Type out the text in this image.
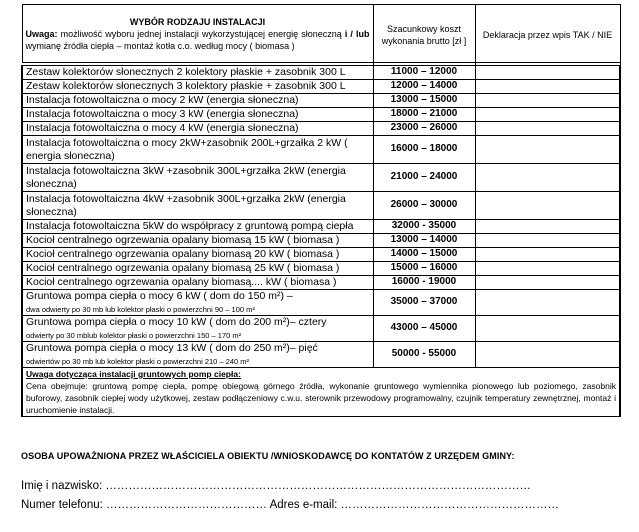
WYBÓR RODZAJU INSTALACJI
Uwaga: możliwość wyboru jednej instalacji wykorzystującej energię słoneczną i / lub wymianę źródła ciepła – montaż kotła c.o. według mocy ( biomasa )	Szacunkowy koszt wykonania brutto [zł ]	Deklaracja przez wpis TAK / NIE

Zestaw kolektorów słonecznych 2 kolektory płaskie + zasobnik 300 L	11000 – 12000	
Zestaw kolektorów słonecznych 3 kolektory płaskie + zasobnik 300 L	12000 – 14000	
Instalacja fotowoltaiczna o mocy 2 kW (energia słoneczna)	13000 – 15000	
Instalacja fotowoltaiczna o mocy 3 kW (energia słoneczna)	18000 – 21000	
Instalacja fotowoltaiczna o mocy 4 kW (energia słoneczna)	23000 – 26000	
Instalacja fotowoltaiczna o mocy 2kW+zasobnik 200L+grzałka 2 kW ( energia słoneczna)	16000 – 18000	
Instalacja fotowoltaiczna 3kW +zasobnik 300L+grzałka 2kW (energia słoneczna)	21000 – 24000	
Instalacja fotowoltaiczna 4kW +zasobnik 300L+grzałka 2kW (energia słoneczna)	26000 – 30000	
Instalacja fotowoltaiczna 5kW do współpracy z gruntową pompą ciepła	32000 - 35000	
Kocioł centralnego ogrzewania opalany biomasą 15 kW ( biomasa )	13000 – 14000	
Kocioł centralnego ogrzewania opalany biomasą 20 kW ( biomasa )	14000 – 15000	
Kocioł centralnego ogrzewania opalany biomasą 25 kW ( biomasa )	15000 – 16000	
Kocioł centralnego ogrzewania opalany biomasą.... kW ( biomasa )	16000 - 19000	
Gruntowa pompa ciepła o mocy 6 kW ( dom do 150 m²) –
dwa odwierty po 30 mb lub kolektor płaski o powierzchni 90 – 100 m²	35000 – 37000	
Gruntowa pompa ciepła o mocy 10 kW ( dom do 200 m²)– cztery
odwierty po 30 mblub kolektor płaski o powierzchni 150 – 170 m²	43000 – 45000	
Gruntowa pompa ciepła o mocy 13 kW ( dom do 250 m²)– pięć
odwiertów po 30 mb lub kolektor płaski o powierzchni 210 – 240 m²	50000 - 55000	

Uwaga dotycząca instalacji gruntowych pomp ciepła:
Cena obejmuje: gruntową pompę ciepła, pompę obiegową górnego źródła, wykonanie gruntowego wymiennika pionowego lub poziomego, zasobnik buforowy, zasobnik ciepłej wody użytkowej, zestaw podłączeniowy c.w.u. sterownik przewodowy programowalny, czujnik temperatury zewnętrznej, montaż i uruchomienie instalacji.		
OSOBA UPOWAŻNIONA PRZEZ WŁAŚCICIELA OBIEKTU /WNIOSKODAWCĘ DO KONTATÓW Z URZĘDEM GMINY:
Imię i nazwisko: …………………………………………………………………………………………………
Numer telefonu: …………………………………… Adres e-mail: …………………………………………………
